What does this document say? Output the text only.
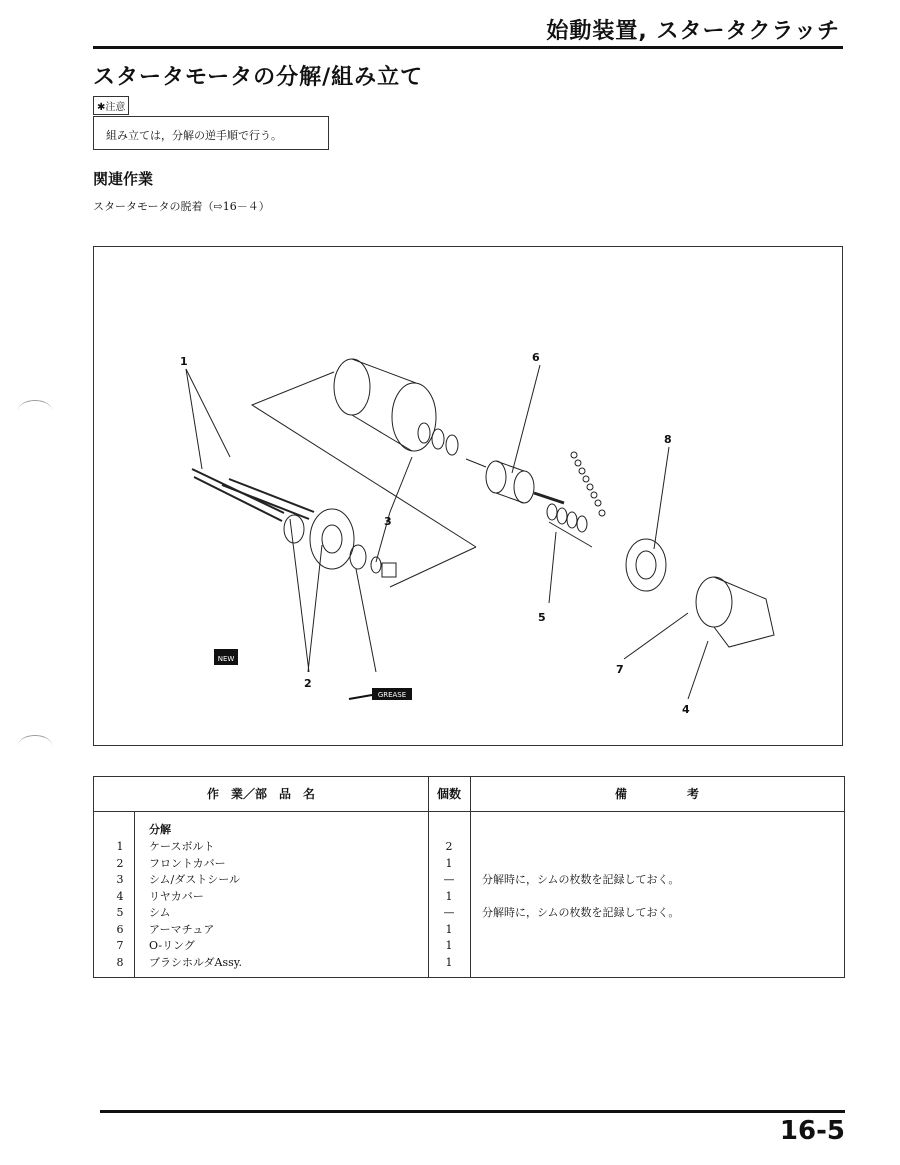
始動装置, スタータクラッチ
スタータモータの分解/組み立て
✱注意
組み立ては，分解の逆手順で行う。
関連作業
スタータモータの脱着（⇨16－４）
NEW
GREASE
1
2
3
4
5
6
7
8
作　業／部　品　名	個数	備　　　　　考
分解
1	ケースボルト	2
2	フロントカバー	1
3	シム/ダストシール	—	分解時に，シムの枚数を記録しておく。
4	リヤカバー	1
5	シム	—	分解時に，シムの枚数を記録しておく。
6	アーマチュア	1
7	O-リング	1
8	ブラシホルダAssy.	1
16-5
